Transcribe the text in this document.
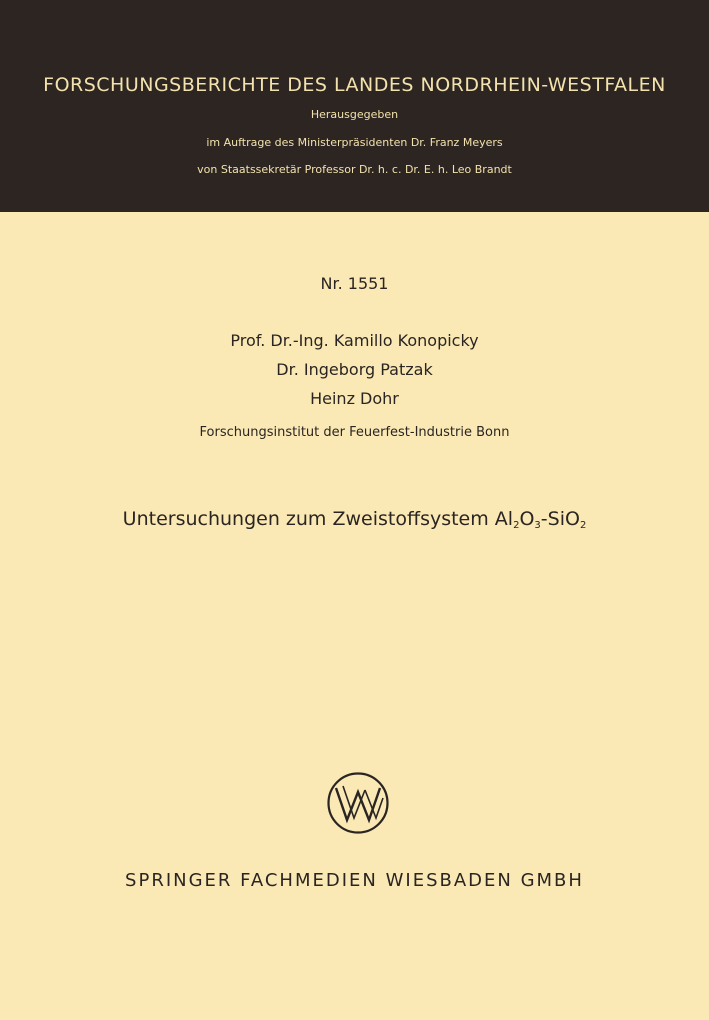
FORSCHUNGSBERICHTE DES LANDES NORDRHEIN-WESTFALEN
Herausgegeben
im Auftrage des Ministerpräsidenten Dr. Franz Meyers
von Staatssekretär Professor Dr. h. c. Dr. E. h. Leo Brandt
Nr. 1551
Prof. Dr.-Ing. Kamillo Konopicky
Dr. Ingeborg Patzak
Heinz Dohr
Forschungsinstitut der Feuerfest-Industrie Bonn
Untersuchungen zum Zweistoffsystem $Al_2O_3-SiO_2$
SPRINGER FACHMEDIEN WIESBADEN GMBH
